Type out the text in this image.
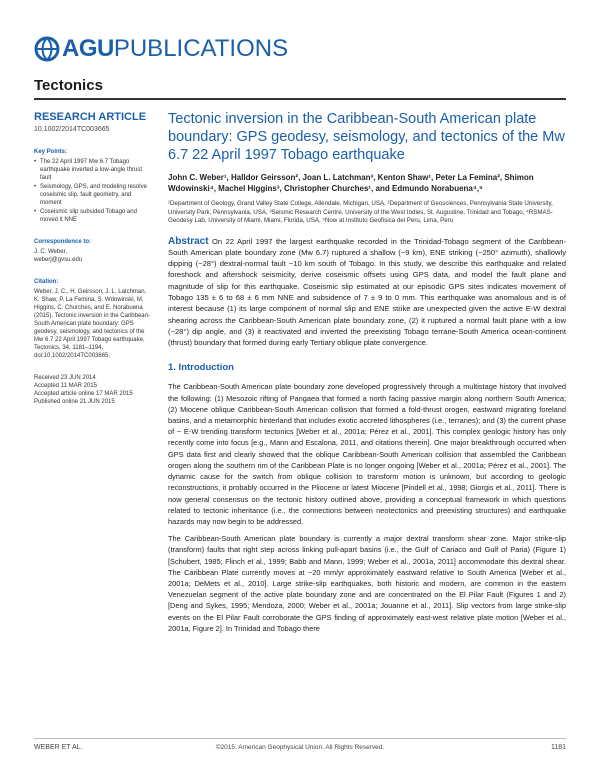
AGU PUBLICATIONS
Tectonics
RESEARCH ARTICLE
10.1002/2014TC003665
Key Points:
• The 22 April 1997 Mw 6.7 Tobago earthquake inverted a low-angle thrust fault
• Seismology, GPS, and modeling resolve coseismic slip, fault geometry, and moment
• Coseismic slip subsided Tobago and moved it NNE
Correspondence to:
J. C. Weber,
weberj@gvsu.edu
Citation:
Weber, J. C., H. Geirsson, J. L. Latchman, K. Shaw, P. La Femina, S. Wdowinski, M. Higgins, C. Churches, and E. Norabuena (2015), Tectonic inversion in the Caribbean-South American plate boundary: GPS geodesy, seismology, and tectonics of the Mw 6.7 22 April 1997 Tobago earthquake, Tectonics, 34, 1181–1194, doi:10.1002/2014TC003665.
Received 23 JUN 2014
Accepted 11 MAR 2015
Accepted article online 17 MAR 2015
Published online 21 JUN 2015
Tectonic inversion in the Caribbean-South American plate boundary: GPS geodesy, seismology, and tectonics of the Mw 6.7 22 April 1997 Tobago earthquake
John C. Weber¹, Halldor Geirsson², Joan L. Latchman³, Kenton Shaw¹, Peter La Femina², Shimon Wdowinski⁴, Machel Higgins³, Christopher Churches¹, and Edmundo Norabuena⁴,⁵
¹Department of Geology, Grand Valley State College, Allendale, Michigan, USA, ²Department of Geosciences, Pennsylvania State University, University Park, Pennsylvania, USA, ³Seismic Research Centre, University of the West Indies, St. Augustine, Trinidad and Tobago, ⁴RSMAS-Geodesy Lab, University of Miami, Miami, Florida, USA, ⁵Now at Instituto Geofisica del Peru, Lima, Peru
Abstract On 22 April 1997 the largest earthquake recorded in the Trinidad-Tobago segment of the Caribbean-South American plate boundary zone (Mw 6.7) ruptured a shallow (~9 km), ENE striking (~250° azimuth), shallowly dipping (~28°) dextral-normal fault ~10 km south of Tobago. In this study, we describe this earthquake and related foreshock and aftershock seismicity, derive coseismic offsets using GPS data, and model the fault plane and magnitude of slip for this earthquake. Coseismic slip estimated at our episodic GPS sites indicates movement of Tobago 135 ± 6 to 68 ± 6 mm NNE and subsidence of 7 ± 9 to 0 mm. This earthquake was anomalous and is of interest because (1) its large component of normal slip and ENE strike are unexpected given the active E-W dextral shearing across the Caribbean-South American plate boundary zone, (2) it ruptured a normal fault plane with a low (~28°) dip angle, and (3) it reactivated and inverted the preexisting Tobago terrane-South America ocean-continent (thrust) boundary that formed during early Tertiary oblique plate convergence.
1. Introduction

The Caribbean-South American plate boundary zone developed progressively through a multistage history that involved the following: (1) Mesozoic rifting of Pangaea that formed a north facing passive margin along northern South America; (2) Miocene oblique Caribbean-South American collision that formed a fold-thrust orogen, eastward migrating foreland basins, and a metamorphic hinterland that includes exotic accreted lithospheres (i.e., terranes); and (3) the current phase of ~ E-W trending transform tectonics [Weber et al., 2001a; Pérez et al., 2001]. This complex geologic history has only recently come into focus [e.g., Mann and Escalona, 2011, and citations therein]. One major breakthrough occurred when GPS data first and clearly showed that the oblique Caribbean-South American collision that assembled the Caribbean orogen along the southern rim of the Caribbean Plate is no longer ongoing [Weber et al., 2001a; Pérez et al., 2001]. The dynamic cause for the switch from oblique collision to transform motion is unknown, but according to geologic reconstructions, it probably occurred in the Pliocene or latest Miocene [Pindell et al., 1998; Giorgis et al., 2011]. There is now general consensus on the tectonic history outlined above, providing a conceptual framework in which questions related to tectonic inheritance (i.e., the connections between neotectonics and preexisting structures) and earthquake hazards may now begin to be addressed.

The Caribbean-South American plate boundary is currently a major dextral transform shear zone. Major strike-slip (transform) faults that right step across linking pull-apart basins (i.e., the Gulf of Cariaco and Gulf of Paria) (Figure 1) [Schubert, 1985; Flinch et al., 1999; Babb and Mann, 1999; Weber et al., 2001a, 2011] accommodate this dextral shear. The Caribbean Plate currently moves at ~20 mm/yr approximately eastward relative to South America [Weber et al., 2001a; DeMets et al., 2010]. Large strike-slip earthquakes, both historic and modern, are common in the eastern Venezuelan segment of the active plate boundary zone and are concentrated on the El Pilar Fault (Figures 1 and 2) [Deng and Sykes, 1995; Mendoza, 2000; Weber et al., 2001a; Jouanne et al., 2011]. Slip vectors from large strike-slip events on the El Pilar Fault corroborate the GPS finding of approximately east-west relative plate motion [Weber et al., 2001a, Figure 2]. In Trinidad and Tobago there

WEBER ET AL.	©2015. American Geophysical Union. All Rights Reserved.	1181
